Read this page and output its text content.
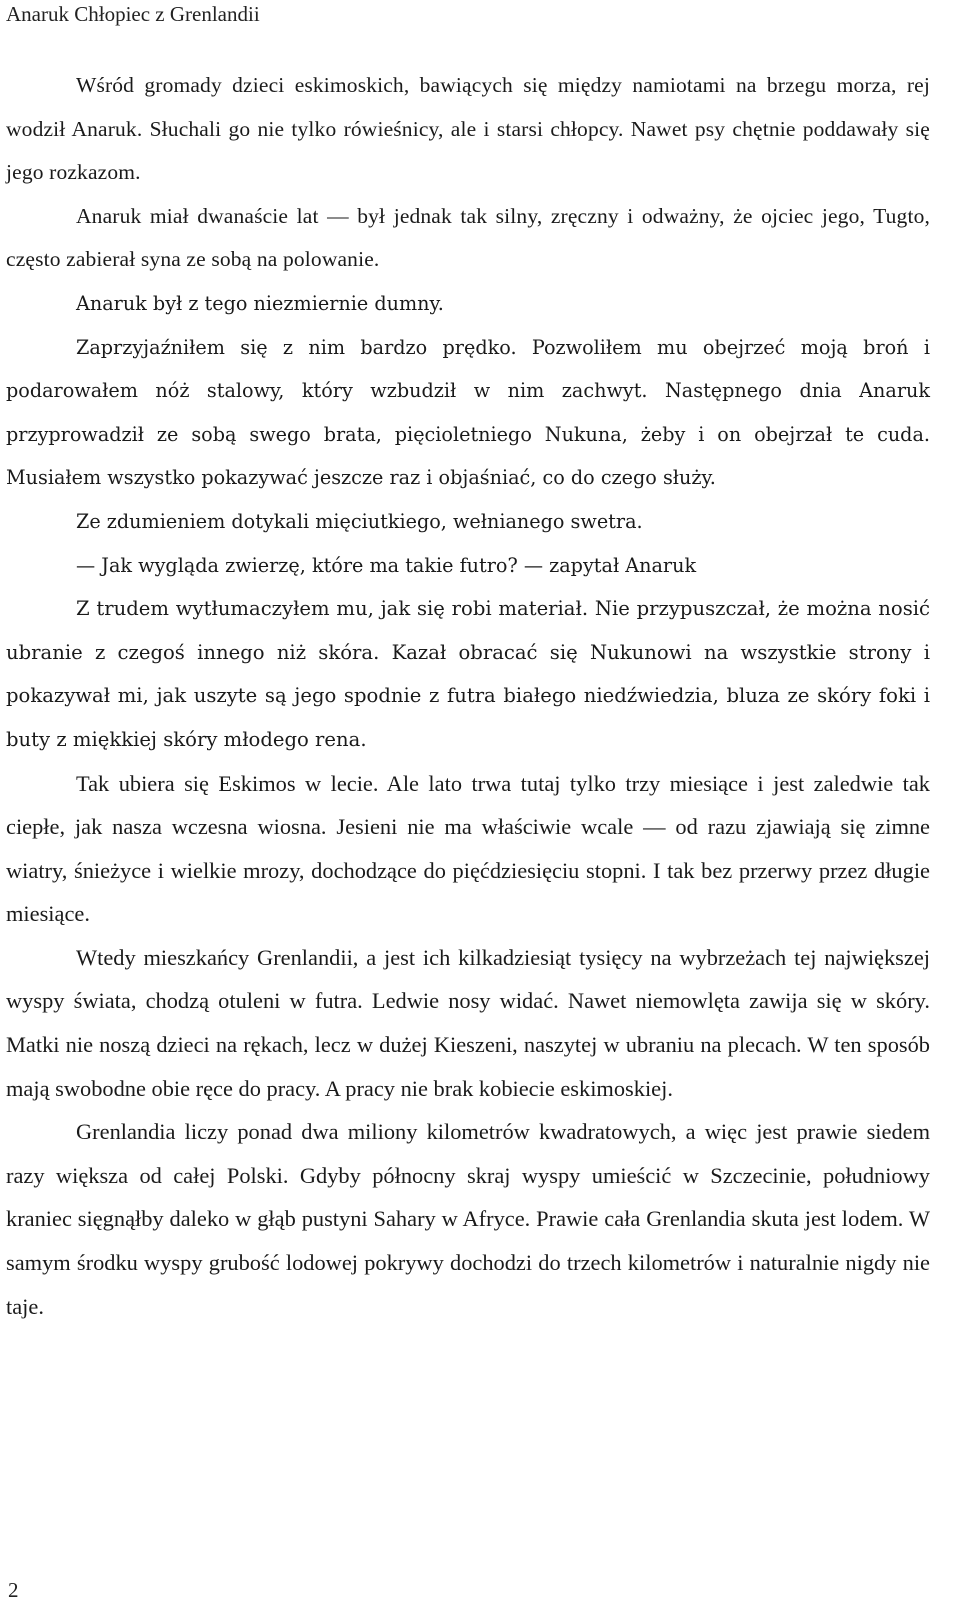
Anaruk Chłopiec z Grenlandii

Wśród gromady dzieci eskimoskich, bawiących się między namiotami na brzegu morza, rej wodził Anaruk. Słuchali go nie tylko rówieśnicy, ale i starsi chłopcy. Nawet psy chętnie poddawały się jego rozkazom.

Anaruk miał dwanaście lat — był jednak tak silny, zręczny i odważny, że ojciec jego, Tugto, często zabierał syna ze sobą na polowanie.

Anaruk był z tego niezmiernie dumny.

Zaprzyjaźniłem się z nim bardzo prędko. Pozwoliłem mu obejrzeć moją broń i podarowałem nóż stalowy, który wzbudził w nim zachwyt. Następnego dnia Anaruk przyprowadził ze sobą swego brata, pięcioletniego Nukuna, żeby i on obejrzał te cuda. Musiałem wszystko pokazywać jeszcze raz i objaśniać, co do czego służy.

Ze zdumieniem dotykali mięciutkiego, wełnianego swetra.

— Jak wygląda zwierzę, które ma takie futro? — zapytał Anaruk

Z trudem wytłumaczyłem mu, jak się robi materiał. Nie przypuszczał, że można nosić ubranie z czegoś innego niż skóra. Kazał obracać się Nukunowi na wszystkie strony i pokazywał mi, jak uszyte są jego spodnie z futra białego niedźwiedzia, bluza ze skóry foki i buty z miękkiej skóry młodego rena.

Tak ubiera się Eskimos w lecie. Ale lato trwa tutaj tylko trzy miesiące i jest zaledwie tak ciepłe, jak nasza wczesna wiosna. Jesieni nie ma właściwie wcale — od razu zjawiają się zimne wiatry, śnieżyce i wielkie mrozy, dochodzące do pięćdziesięciu stopni. I tak bez przerwy przez długie miesiące.

Wtedy mieszkańcy Grenlandii, a jest ich kilkadziesiąt tysięcy na wybrzeżach tej największej wyspy świata, chodzą otuleni w futra. Ledwie nosy widać. Nawet niemowlęta zawija się w skóry. Matki nie noszą dzieci na rękach, lecz w dużej Kieszeni, naszytej w ubraniu na plecach. W ten sposób mają swobodne obie ręce do pracy. A pracy nie brak kobiecie eskimoskiej.

Grenlandia liczy ponad dwa miliony kilometrów kwadratowych, a więc jest prawie siedem razy większa od całej Polski. Gdyby północny skraj wyspy umieścić w Szczecinie, południowy kraniec sięgnąłby daleko w głąb pustyni Sahary w Afryce. Prawie cała Grenlandia skuta jest lodem. W samym środku wyspy grubość lodowej pokrywy dochodzi do trzech kilometrów i naturalnie nigdy nie taje.

2
